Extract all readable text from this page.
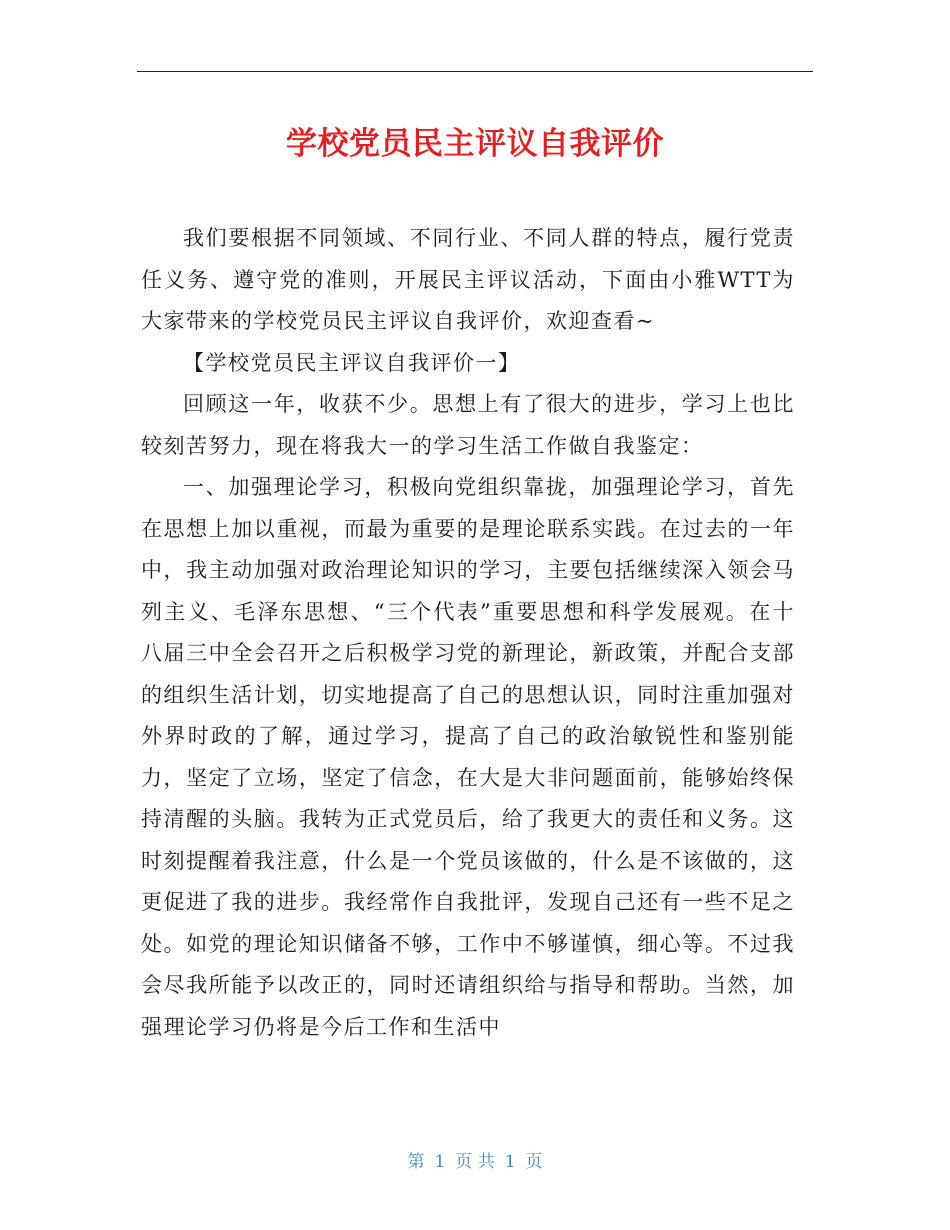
学校党员民主评议自我评价

我们要根据不同领域、不同行业、不同人群的特点，履行党责任义务、遵守党的准则，开展民主评议活动，下面由小雅WTT为大家带来的学校党员民主评议自我评价，欢迎查看~

【学校党员民主评议自我评价一】

回顾这一年，收获不少。思想上有了很大的进步，学习上也比较刻苦努力，现在将我大一的学习生活工作做自我鉴定：

一、加强理论学习，积极向党组织靠拢，加强理论学习，首先在思想上加以重视，而最为重要的是理论联系实践。在过去的一年中，我主动加强对政治理论知识的学习，主要包括继续深入领会马列主义、毛泽东思想、“三个代表”重要思想和科学发展观。在十八届三中全会召开之后积极学习党的新理论，新政策，并配合支部的组织生活计划，切实地提高了自己的思想认识，同时注重加强对外界时政的了解，通过学习，提高了自己的政治敏锐性和鉴别能力，坚定了立场，坚定了信念，在大是大非问题面前，能够始终保持清醒的头脑。我转为正式党员后，给了我更大的责任和义务。这时刻提醒着我注意，什么是一个党员该做的，什么是不该做的，这更促进了我的进步。我经常作自我批评，发现自己还有一些不足之处。如党的理论知识储备不够，工作中不够谨慎，细心等。不过我会尽我所能予以改正的，同时还请组织给与指导和帮助。当然，加强理论学习仍将是今后工作和生活中

第 1 页 共 1 页
